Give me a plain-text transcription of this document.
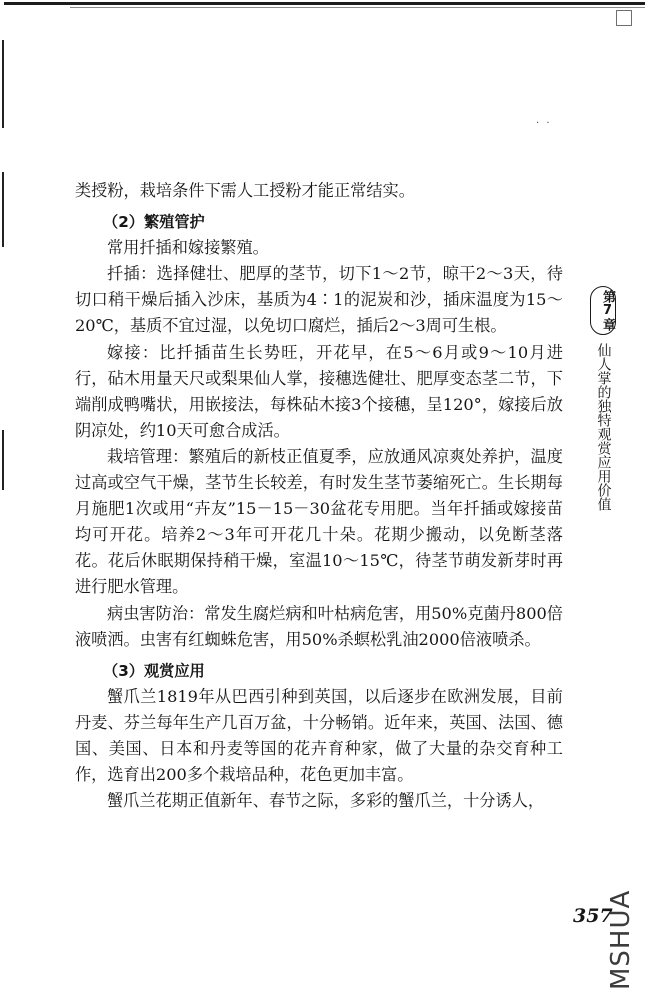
· ·

类授粉，栽培条件下需人工授粉才能正常结实。

（2）繁殖管护

常用扦插和嫁接繁殖。

扦插：选择健壮、肥厚的茎节，切下1～2节，晾干2～3天，待切口稍干燥后插入沙床，基质为4∶1的泥炭和沙，插床温度为15～20℃，基质不宜过湿，以免切口腐烂，插后2～3周可生根。

嫁接：比扦插苗生长势旺，开花早，在5～6月或9～10月进行，砧木用量天尺或梨果仙人掌，接穗选健壮、肥厚变态茎二节，下端削成鸭嘴状，用嵌接法，每株砧木接3个接穗，呈120°，嫁接后放阴凉处，约10天可愈合成活。

栽培管理：繁殖后的新枝正值夏季，应放通风凉爽处养护，温度过高或空气干燥，茎节生长较差，有时发生茎节萎缩死亡。生长期每月施肥1次或用“卉友”15－15－30盆花专用肥。当年扦插或嫁接苗均可开花。培养2～3年可开花几十朵。花期少搬动，以免断茎落花。花后休眠期保持稍干燥，室温10～15℃，待茎节萌发新芽时再进行肥水管理。

病虫害防治：常发生腐烂病和叶枯病危害，用50%克菌丹800倍液喷洒。虫害有红蜘蛛危害，用50%杀螟松乳油2000倍液喷杀。

（3）观赏应用

蟹爪兰1819年从巴西引种到英国，以后逐步在欧洲发展，目前丹麦、芬兰每年生产几百万盆，十分畅销。近年来，英国、法国、德国、美国、日本和丹麦等国的花卉育种家，做了大量的杂交育种工作，选育出200多个栽培品种，花色更加丰富。

蟹爪兰花期正值新年、春节之际，多彩的蟹爪兰，十分诱人，

第7章
仙人掌的独特观赏应用价值
357
MSHUA
